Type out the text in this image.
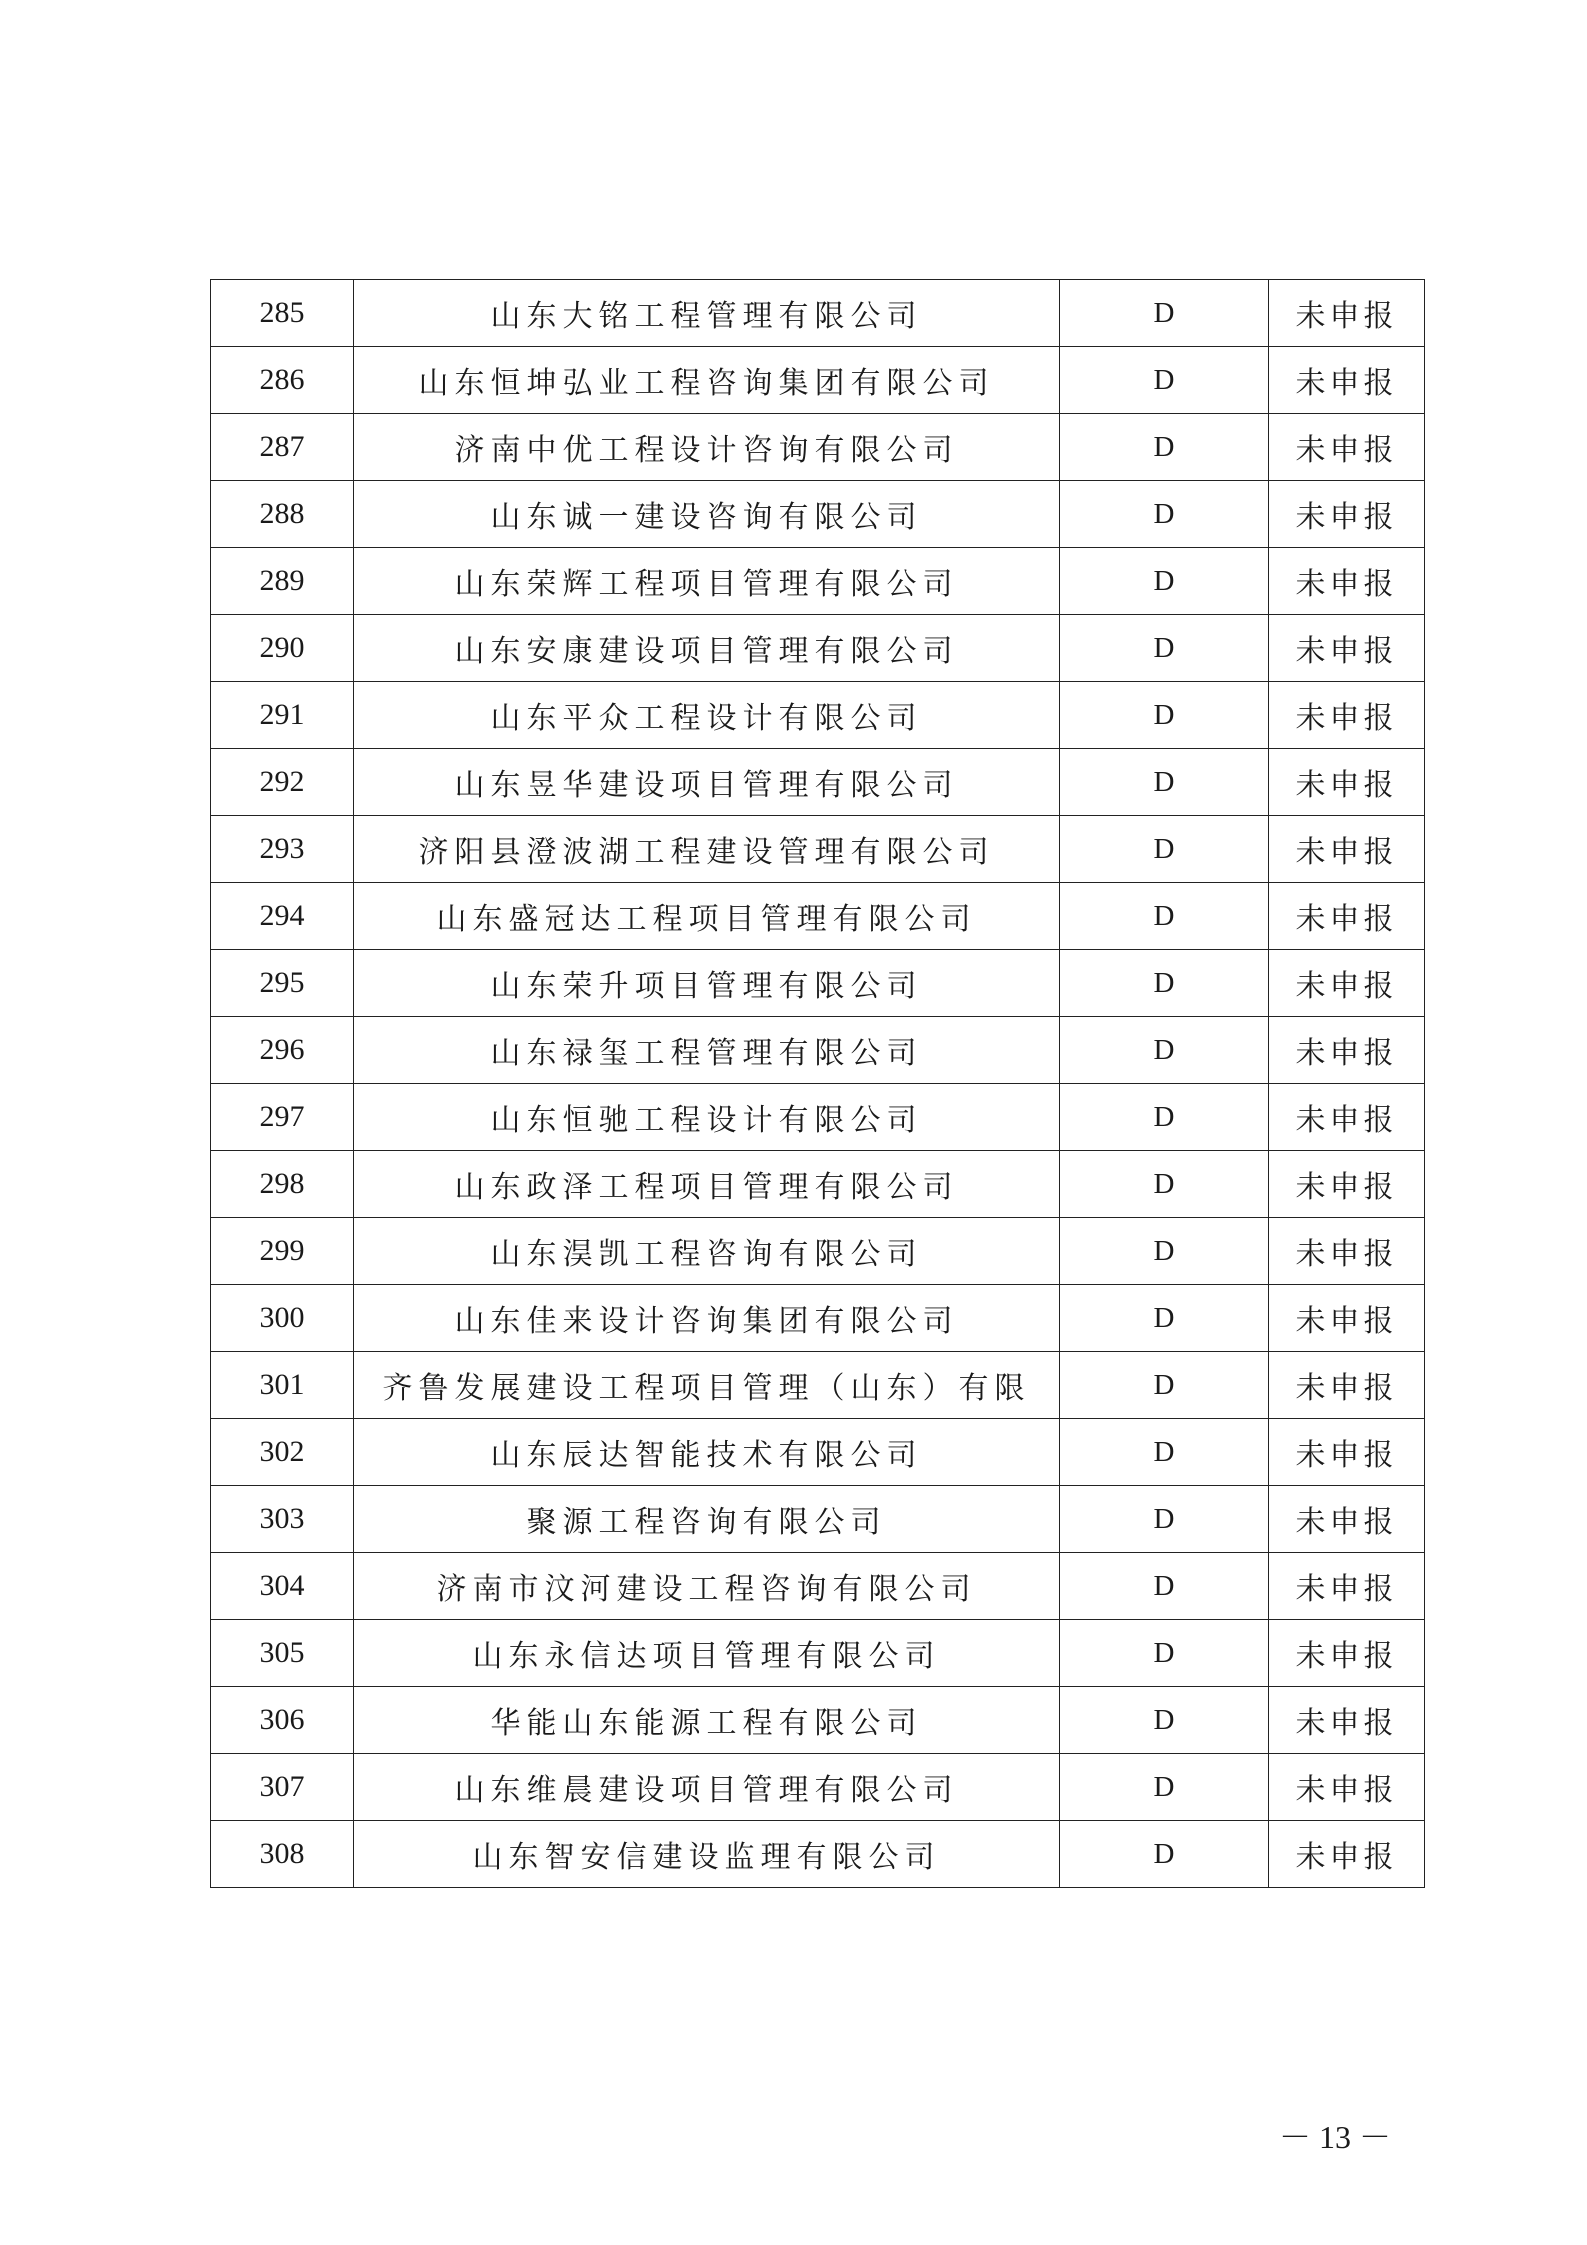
285	山东大铭工程管理有限公司	D	未申报
286	山东恒坤弘业工程咨询集团有限公司	D	未申报
287	济南中优工程设计咨询有限公司	D	未申报
288	山东诚一建设咨询有限公司	D	未申报
289	山东荣辉工程项目管理有限公司	D	未申报
290	山东安康建设项目管理有限公司	D	未申报
291	山东平众工程设计有限公司	D	未申报
292	山东昱华建设项目管理有限公司	D	未申报
293	济阳县澄波湖工程建设管理有限公司	D	未申报
294	山东盛冠达工程项目管理有限公司	D	未申报
295	山东荣升项目管理有限公司	D	未申报
296	山东禄玺工程管理有限公司	D	未申报
297	山东恒驰工程设计有限公司	D	未申报
298	山东政泽工程项目管理有限公司	D	未申报
299	山东淏凯工程咨询有限公司	D	未申报
300	山东佳来设计咨询集团有限公司	D	未申报
301	齐鲁发展建设工程项目管理（山东）有限	D	未申报
302	山东辰达智能技术有限公司	D	未申报
303	聚源工程咨询有限公司	D	未申报
304	济南市汶河建设工程咨询有限公司	D	未申报
305	山东永信达项目管理有限公司	D	未申报
306	华能山东能源工程有限公司	D	未申报
307	山东维晨建设项目管理有限公司	D	未申报
308	山东智安信建设监理有限公司	D	未申报
－ 13 －
